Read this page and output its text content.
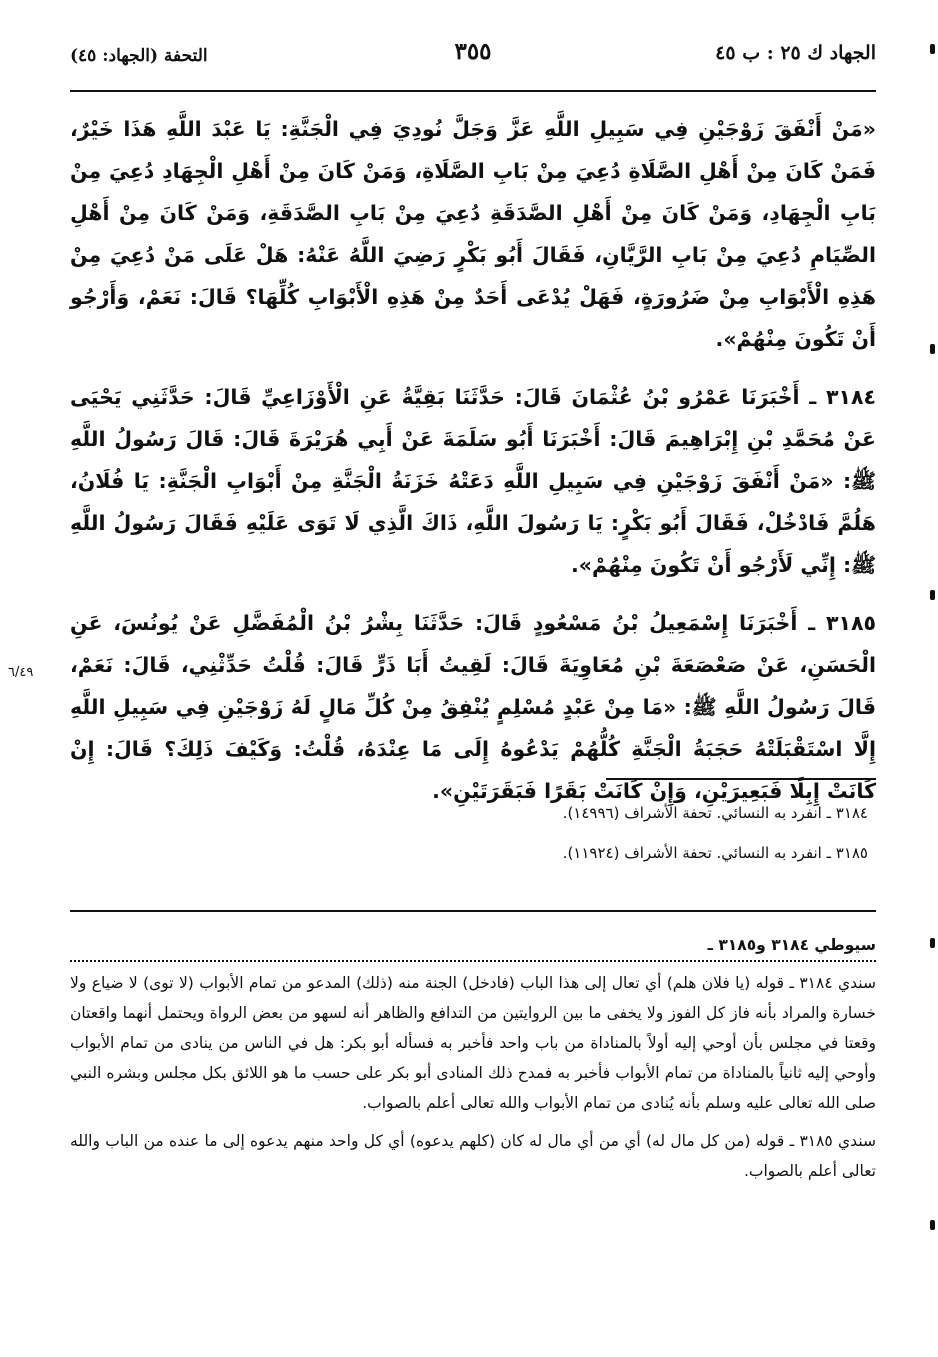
الجهاد ك ٢٥ : ب ٤٥
٣٥٥
التحفة (الجهاد: ٤٥)

«مَنْ أَنْفَقَ زَوْجَيْنِ فِي سَبِيلِ اللَّهِ عَزَّ وَجَلَّ نُودِيَ فِي الْجَنَّةِ: يَا عَبْدَ اللَّهِ هَذَا خَيْرٌ، فَمَنْ كَانَ مِنْ أَهْلِ الصَّلَاةِ دُعِيَ مِنْ بَابِ الصَّلَاةِ، وَمَنْ كَانَ مِنْ أَهْلِ الْجِهَادِ دُعِيَ مِنْ بَابِ الْجِهَادِ، وَمَنْ كَانَ مِنْ أَهْلِ الصَّدَقَةِ دُعِيَ مِنْ بَابِ الصَّدَقَةِ، وَمَنْ كَانَ مِنْ أَهْلِ الصِّيَامِ دُعِيَ مِنْ بَابِ الرَّيَّانِ، فَقَالَ أَبُو بَكْرٍ رَضِيَ اللَّهُ عَنْهُ: هَلْ عَلَى مَنْ دُعِيَ مِنْ هَذِهِ الْأَبْوَابِ مِنْ ضَرُورَةٍ، فَهَلْ يُدْعَى أَحَدٌ مِنْ هَذِهِ الْأَبْوَابِ كُلِّهَا؟ قَالَ: نَعَمْ، وَأَرْجُو أَنْ تَكُونَ مِنْهُمْ».

٣١٨٤ ـ أَخْبَرَنَا عَمْرُو بْنُ عُثْمَانَ قَالَ: حَدَّثَنَا بَقِيَّةُ عَنِ الْأَوْزَاعِيِّ قَالَ: حَدَّثَنِي يَحْيَى عَنْ مُحَمَّدِ بْنِ إِبْرَاهِيمَ قَالَ: أَخْبَرَنَا أَبُو سَلَمَةَ عَنْ أَبِي هُرَيْرَةَ قَالَ: قَالَ رَسُولُ اللَّهِ ﷺ: «مَنْ أَنْفَقَ زَوْجَيْنِ فِي سَبِيلِ اللَّهِ دَعَتْهُ خَزَنَةُ الْجَنَّةِ مِنْ أَبْوَابِ الْجَنَّةِ: يَا فُلَانُ، هَلُمَّ فَادْخُلْ، فَقَالَ أَبُو بَكْرٍ: يَا رَسُولَ اللَّهِ، ذَاكَ الَّذِي لَا تَوَى عَلَيْهِ فَقَالَ رَسُولُ اللَّهِ ﷺ: إِنِّي لَأَرْجُو أَنْ تَكُونَ مِنْهُمْ».

٣١٨٥ ـ أَخْبَرَنَا إِسْمَعِيلُ بْنُ مَسْعُودٍ قَالَ: حَدَّثَنَا بِشْرُ بْنُ الْمُفَضَّلِ عَنْ يُونُسَ، عَنِ الْحَسَنِ، عَنْ صَعْصَعَةَ بْنِ مُعَاوِيَةَ قَالَ: لَقِيتُ أَبَا ذَرٍّ قَالَ: قُلْتُ حَدِّثْنِي، قَالَ: نَعَمْ، قَالَ رَسُولُ اللَّهِ ﷺ: «مَا مِنْ عَبْدٍ مُسْلِمٍ يُنْفِقُ مِنْ كُلِّ مَالٍ لَهُ زَوْجَيْنِ فِي سَبِيلِ اللَّهِ إِلَّا اسْتَقْبَلَتْهُ حَجَبَةُ الْجَنَّةِ كُلُّهُمْ يَدْعُوهُ إِلَى مَا عِنْدَهُ، قُلْتُ: وَكَيْفَ ذَلِكَ؟ قَالَ: إِنْ كَانَتْ إِبِلًا فَبَعِيرَيْنِ، وَإِنْ كَانَتْ بَقَرًا فَبَقَرَتَيْنِ».

٦/٤٩

٣١٨٤ ـ انفرد به النسائي. تحفة الأشراف (١٤٩٩٦).

٣١٨٥ ـ انفرد به النسائي. تحفة الأشراف (١١٩٢٤).

سيوطي ٣١٨٤ و٣١٨٥ ـ

سندي ٣١٨٤ ـ قوله (يا فلان هلم) أي تعال إلى هذا الباب (فادخل) الجنة منه (ذلك) المدعو من تمام الأبواب (لا توى) لا ضياع ولا خسارة والمراد بأنه فاز كل الفوز ولا يخفى ما بين الروايتين من التدافع والظاهر أنه لسهو من بعض الرواة ويحتمل أنهما واقعتان وقعتا في مجلس بأن أوحي إليه أولاً بالمناداة من باب واحد فأخبر به فسأله أبو بكر: هل في الناس من ينادى من تمام الأبواب وأوحي إليه ثانياً بالمناداة من تمام الأبواب فأخبر به فمدح ذلك المنادى أبو بكر على حسب ما هو اللائق بكل مجلس وبشره النبي صلى الله تعالى عليه وسلم بأنه يُنادى من تمام الأبواب والله تعالى أعلم بالصواب.

سندي ٣١٨٥ ـ قوله (من كل مال له) أي من أي مال له كان (كلهم يدعوه) أي كل واحد منهم يدعوه إلى ما عنده من الباب والله تعالى أعلم بالصواب.
